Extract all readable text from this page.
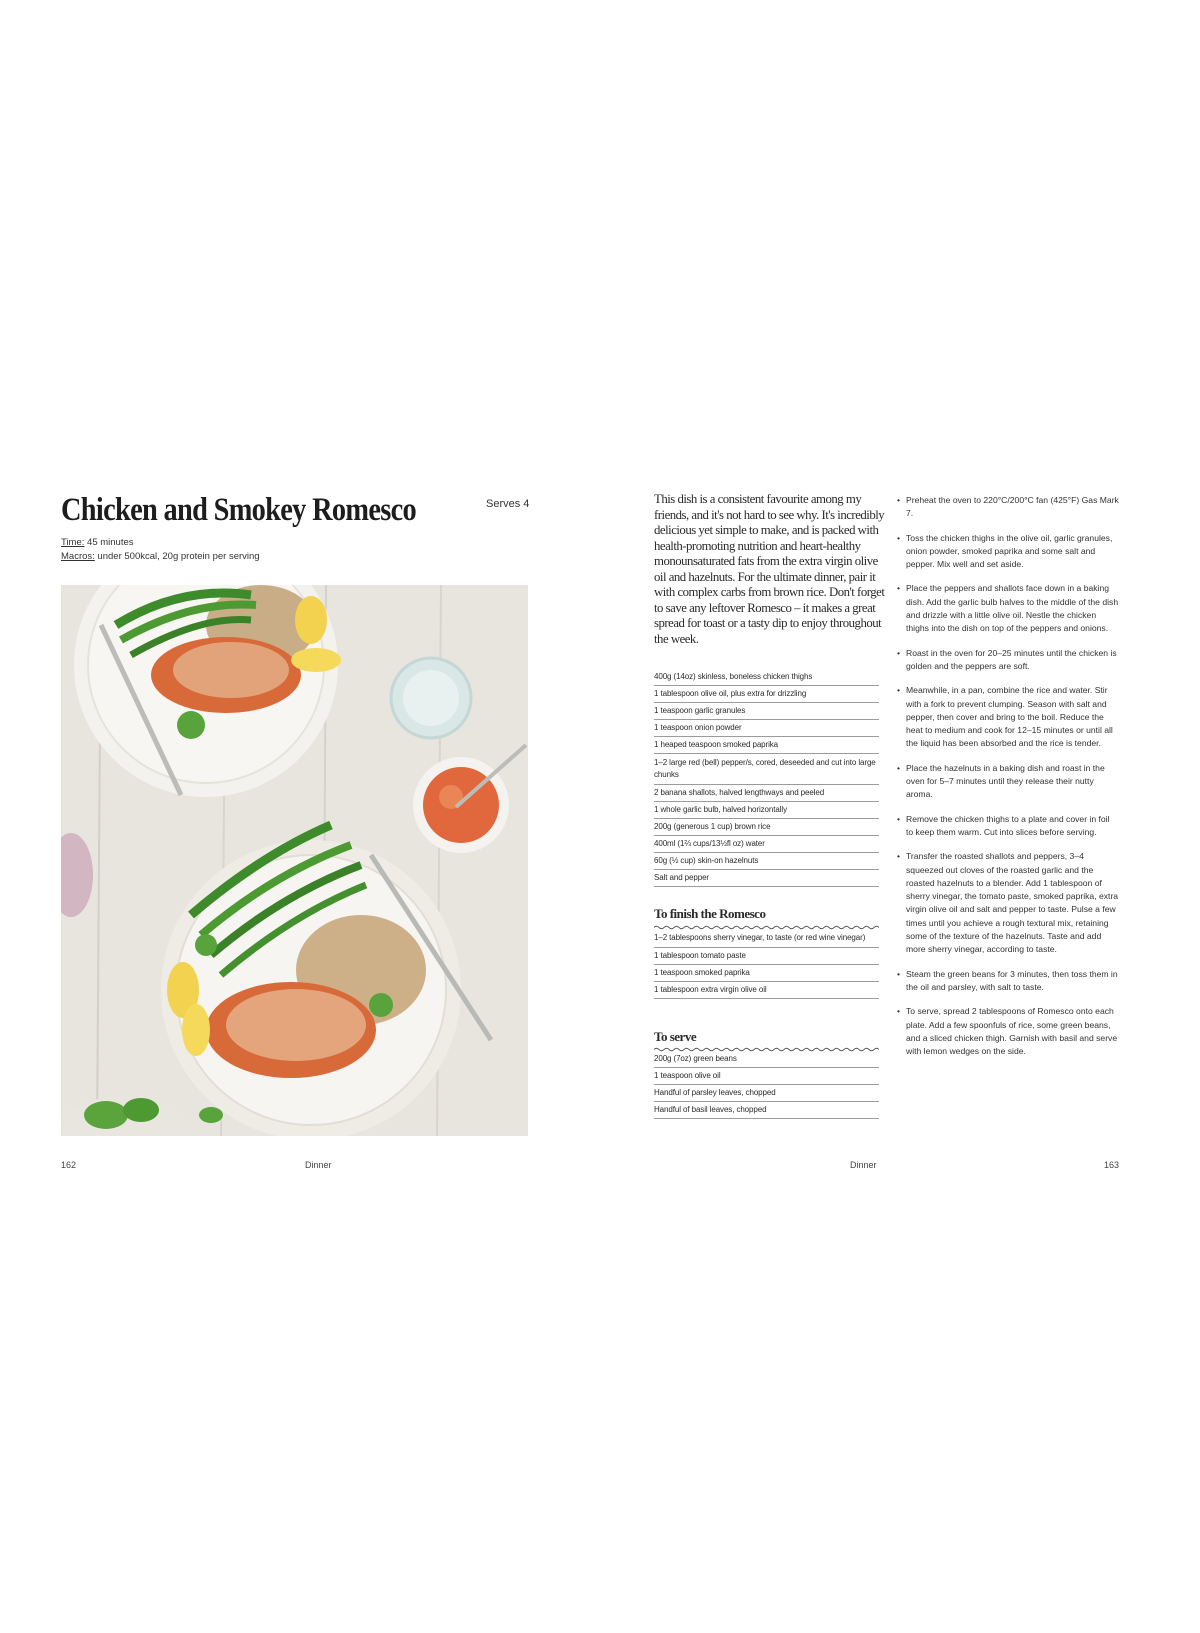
Chicken and Smokey Romesco	Serves 4
Time: 45 minutes
Macros: under 500kcal, 20g protein per serving
162	Dinner

This dish is a consistent favourite among my friends, and it's not hard to see why. It's incredibly delicious yet simple to make, and is packed with health-promoting nutrition and heart-healthy monounsaturated fats from the extra virgin olive oil and hazelnuts. For the ultimate dinner, pair it with complex carbs from brown rice. Don't forget to save any leftover Romesco – it makes a great spread for toast or a tasty dip to enjoy throughout the week.

400g (14oz) skinless, boneless chicken thighs
1 tablespoon olive oil, plus extra for drizzling
1 teaspoon garlic granules
1 teaspoon onion powder
1 heaped teaspoon smoked paprika
1–2 large red (bell) pepper/s, cored, deseeded and cut into large chunks
2 banana shallots, halved lengthways and peeled
1 whole garlic bulb, halved horizontally
200g (generous 1 cup) brown rice
400ml (1⅔ cups/13½fl oz) water
60g (½ cup) skin-on hazelnuts
Salt and pepper
To finish the Romesco
1–2 tablespoons sherry vinegar, to taste (or red wine vinegar)
1 tablespoon tomato paste
1 teaspoon smoked paprika
1 tablespoon extra virgin olive oil
To serve
200g (7oz) green beans
1 teaspoon olive oil
Handful of parsley leaves, chopped
Handful of basil leaves, chopped
• Preheat the oven to 220°C/200°C fan (425°F) Gas Mark 7.
• Toss the chicken thighs in the olive oil, garlic granules, onion powder, smoked paprika and some salt and pepper. Mix well and set aside.
• Place the peppers and shallots face down in a baking dish. Add the garlic bulb halves to the middle of the dish and drizzle with a little olive oil. Nestle the chicken thighs into the dish on top of the peppers and onions.
• Roast in the oven for 20–25 minutes until the chicken is golden and the peppers are soft.
• Meanwhile, in a pan, combine the rice and water. Stir with a fork to prevent clumping. Season with salt and pepper, then cover and bring to the boil. Reduce the heat to medium and cook for 12–15 minutes or until all the liquid has been absorbed and the rice is tender.
• Place the hazelnuts in a baking dish and roast in the oven for 5–7 minutes until they release their nutty aroma.
• Remove the chicken thighs to a plate and cover in foil to keep them warm. Cut into slices before serving.
• Transfer the roasted shallots and peppers, 3–4 squeezed out cloves of the roasted garlic and the roasted hazelnuts to a blender. Add 1 tablespoon of sherry vinegar, the tomato paste, smoked paprika, extra virgin olive oil and salt and pepper to taste. Pulse a few times until you achieve a rough textural mix, retaining some of the texture of the hazelnuts. Taste and add more sherry vinegar, according to taste.
• Steam the green beans for 3 minutes, then toss them in the oil and parsley, with salt to taste.
• To serve, spread 2 tablespoons of Romesco onto each plate. Add a few spoonfuls of rice, some green beans, and a sliced chicken thigh. Garnish with basil and serve with lemon wedges on the side.
Dinner	163
